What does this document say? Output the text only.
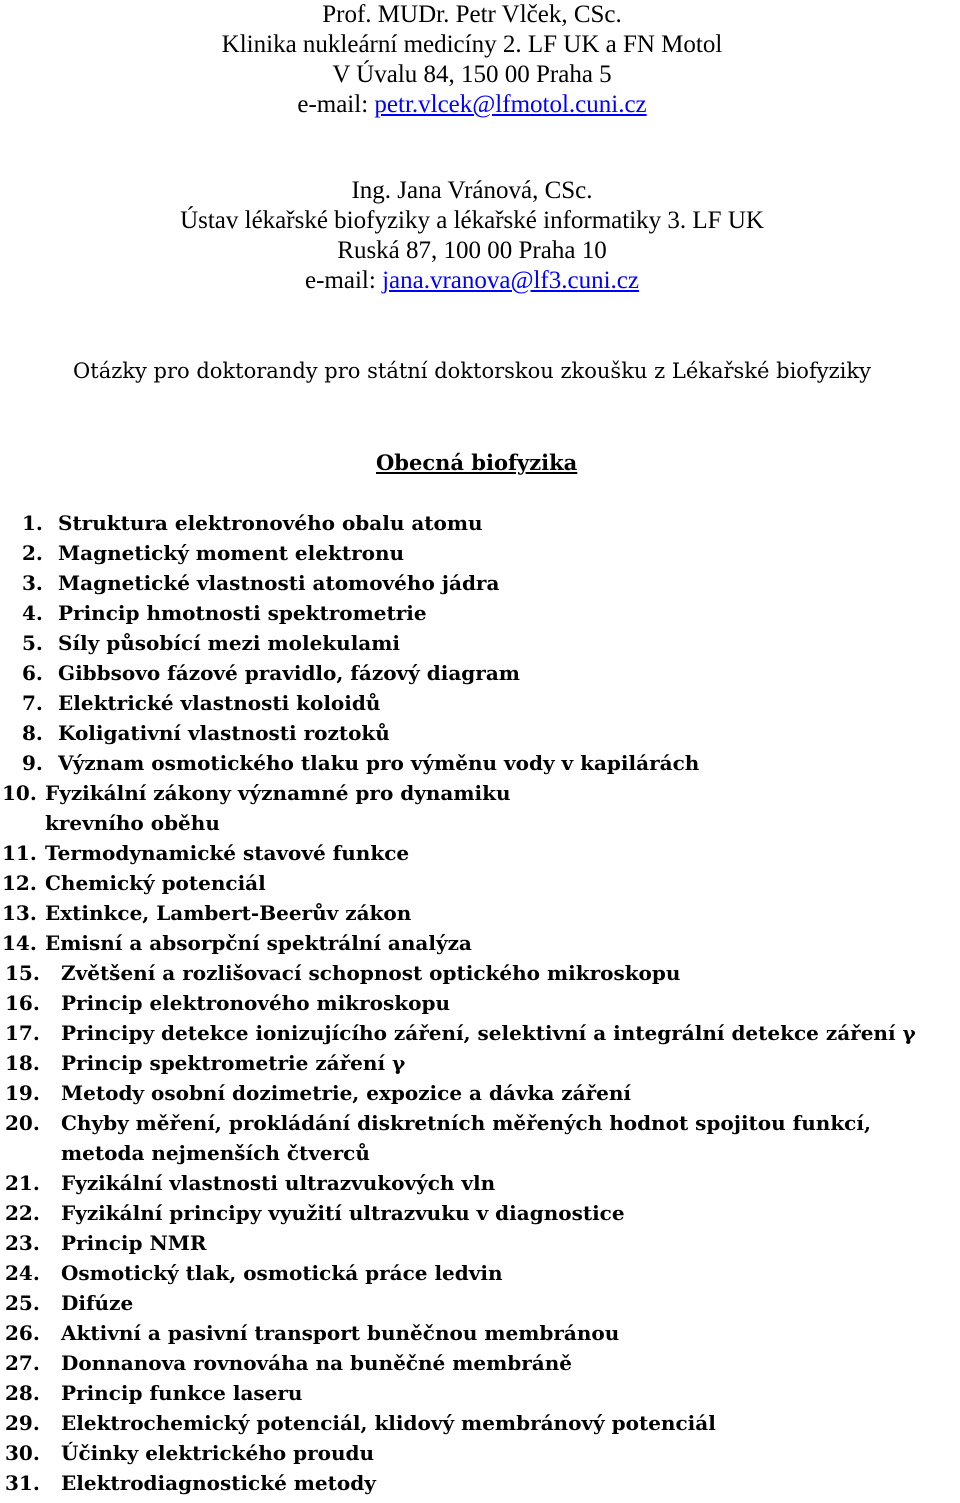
Prof. MUDr. Petr Vlček, CSc.
Klinika nukleární medicíny 2. LF UK a FN Motol
V Úvalu 84, 150 00 Praha 5
e-mail: petr.vlcek@lfmotol.cuni.cz
Ing. Jana Vránová, CSc.
Ústav lékařské biofyziky a lékařské informatiky 3. LF UK
Ruská 87, 100 00 Praha 10
e-mail: jana.vranova@lf3.cuni.cz
Otázky pro doktorandy pro státní doktorskou zkoušku z Lékařské biofyziky
Obecná biofyzika
1. Struktura elektronového obalu atomu
2. Magnetický moment elektronu
3. Magnetické vlastnosti atomového jádra
4. Princip hmotnosti spektrometrie
5. Síly působící mezi molekulami
6. Gibbsovo fázové pravidlo, fázový diagram
7. Elektrické vlastnosti koloidů
8. Koligativní vlastnosti roztoků
9. Význam osmotického tlaku pro výměnu vody v kapilárách
10. Fyzikální zákony významné pro dynamiku krevního oběhu
11. Termodynamické stavové funkce
12. Chemický potenciál
13. Extinkce, Lambert-Beerův zákon
14. Emisní a absorpční spektrální analýza
15. Zvětšení a rozlišovací schopnost optického mikroskopu
16. Princip elektronového mikroskopu
17. Principy detekce ionizujícího záření, selektivní a integrální detekce záření γ
18. Princip spektrometrie záření γ
19. Metody osobní dozimetrie, expozice a dávka záření
20. Chyby měření, prokládání diskretních měřených hodnot spojitou funkcí, metoda nejmenších čtverců
21. Fyzikální vlastnosti ultrazvukových vln
22. Fyzikální principy využití ultrazvuku v diagnostice
23. Princip NMR
24. Osmotický tlak, osmotická práce ledvin
25. Difúze
26. Aktivní a pasivní transport buněčnou membránou
27. Donnanova rovnováha na buněčné membráně
28. Princip funkce laseru
29. Elektrochemický potenciál, klidový membránový potenciál
30. Účinky elektrického proudu
31. Elektrodiagnostické metody
